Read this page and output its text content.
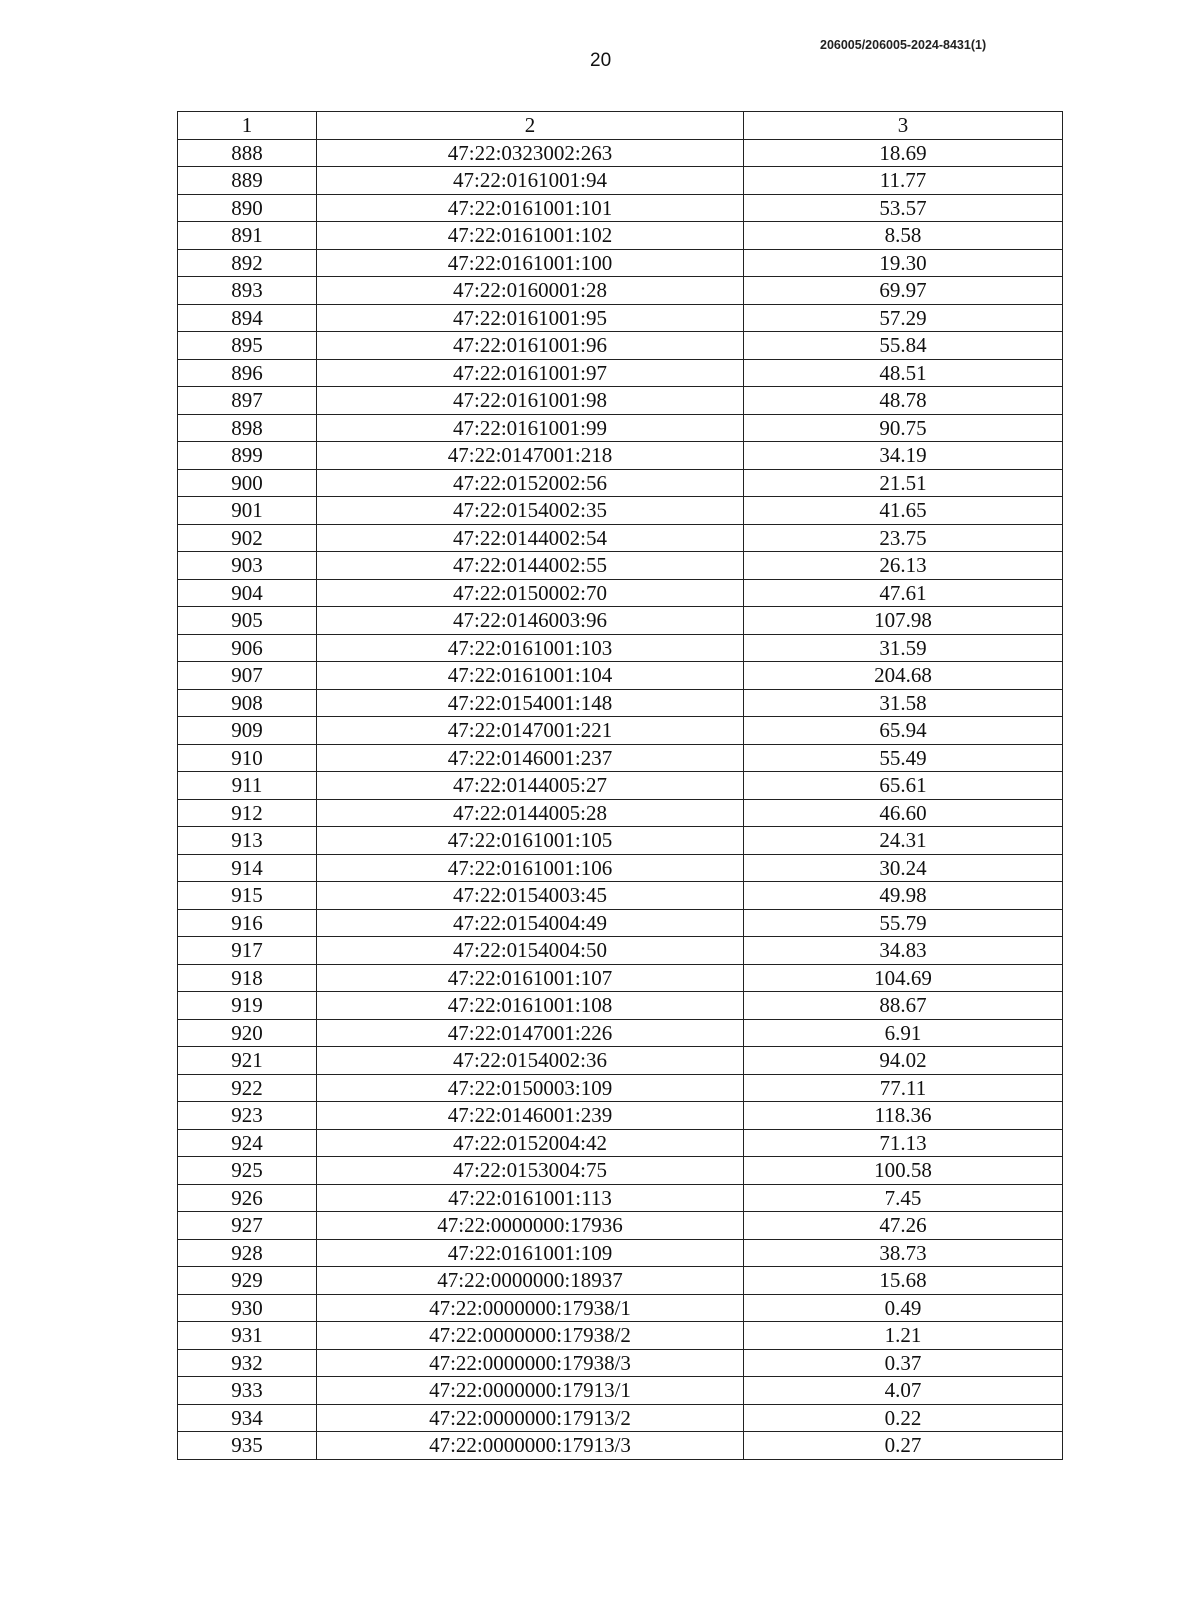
20
206005/206005-2024-8431(1)
1	2	3
888	47:22:0323002:263	18.69
889	47:22:0161001:94	11.77
890	47:22:0161001:101	53.57
891	47:22:0161001:102	8.58
892	47:22:0161001:100	19.30
893	47:22:0160001:28	69.97
894	47:22:0161001:95	57.29
895	47:22:0161001:96	55.84
896	47:22:0161001:97	48.51
897	47:22:0161001:98	48.78
898	47:22:0161001:99	90.75
899	47:22:0147001:218	34.19
900	47:22:0152002:56	21.51
901	47:22:0154002:35	41.65
902	47:22:0144002:54	23.75
903	47:22:0144002:55	26.13
904	47:22:0150002:70	47.61
905	47:22:0146003:96	107.98
906	47:22:0161001:103	31.59
907	47:22:0161001:104	204.68
908	47:22:0154001:148	31.58
909	47:22:0147001:221	65.94
910	47:22:0146001:237	55.49
911	47:22:0144005:27	65.61
912	47:22:0144005:28	46.60
913	47:22:0161001:105	24.31
914	47:22:0161001:106	30.24
915	47:22:0154003:45	49.98
916	47:22:0154004:49	55.79
917	47:22:0154004:50	34.83
918	47:22:0161001:107	104.69
919	47:22:0161001:108	88.67
920	47:22:0147001:226	6.91
921	47:22:0154002:36	94.02
922	47:22:0150003:109	77.11
923	47:22:0146001:239	118.36
924	47:22:0152004:42	71.13
925	47:22:0153004:75	100.58
926	47:22:0161001:113	7.45
927	47:22:0000000:17936	47.26
928	47:22:0161001:109	38.73
929	47:22:0000000:18937	15.68
930	47:22:0000000:17938/1	0.49
931	47:22:0000000:17938/2	1.21
932	47:22:0000000:17938/3	0.37
933	47:22:0000000:17913/1	4.07
934	47:22:0000000:17913/2	0.22
935	47:22:0000000:17913/3	0.27
